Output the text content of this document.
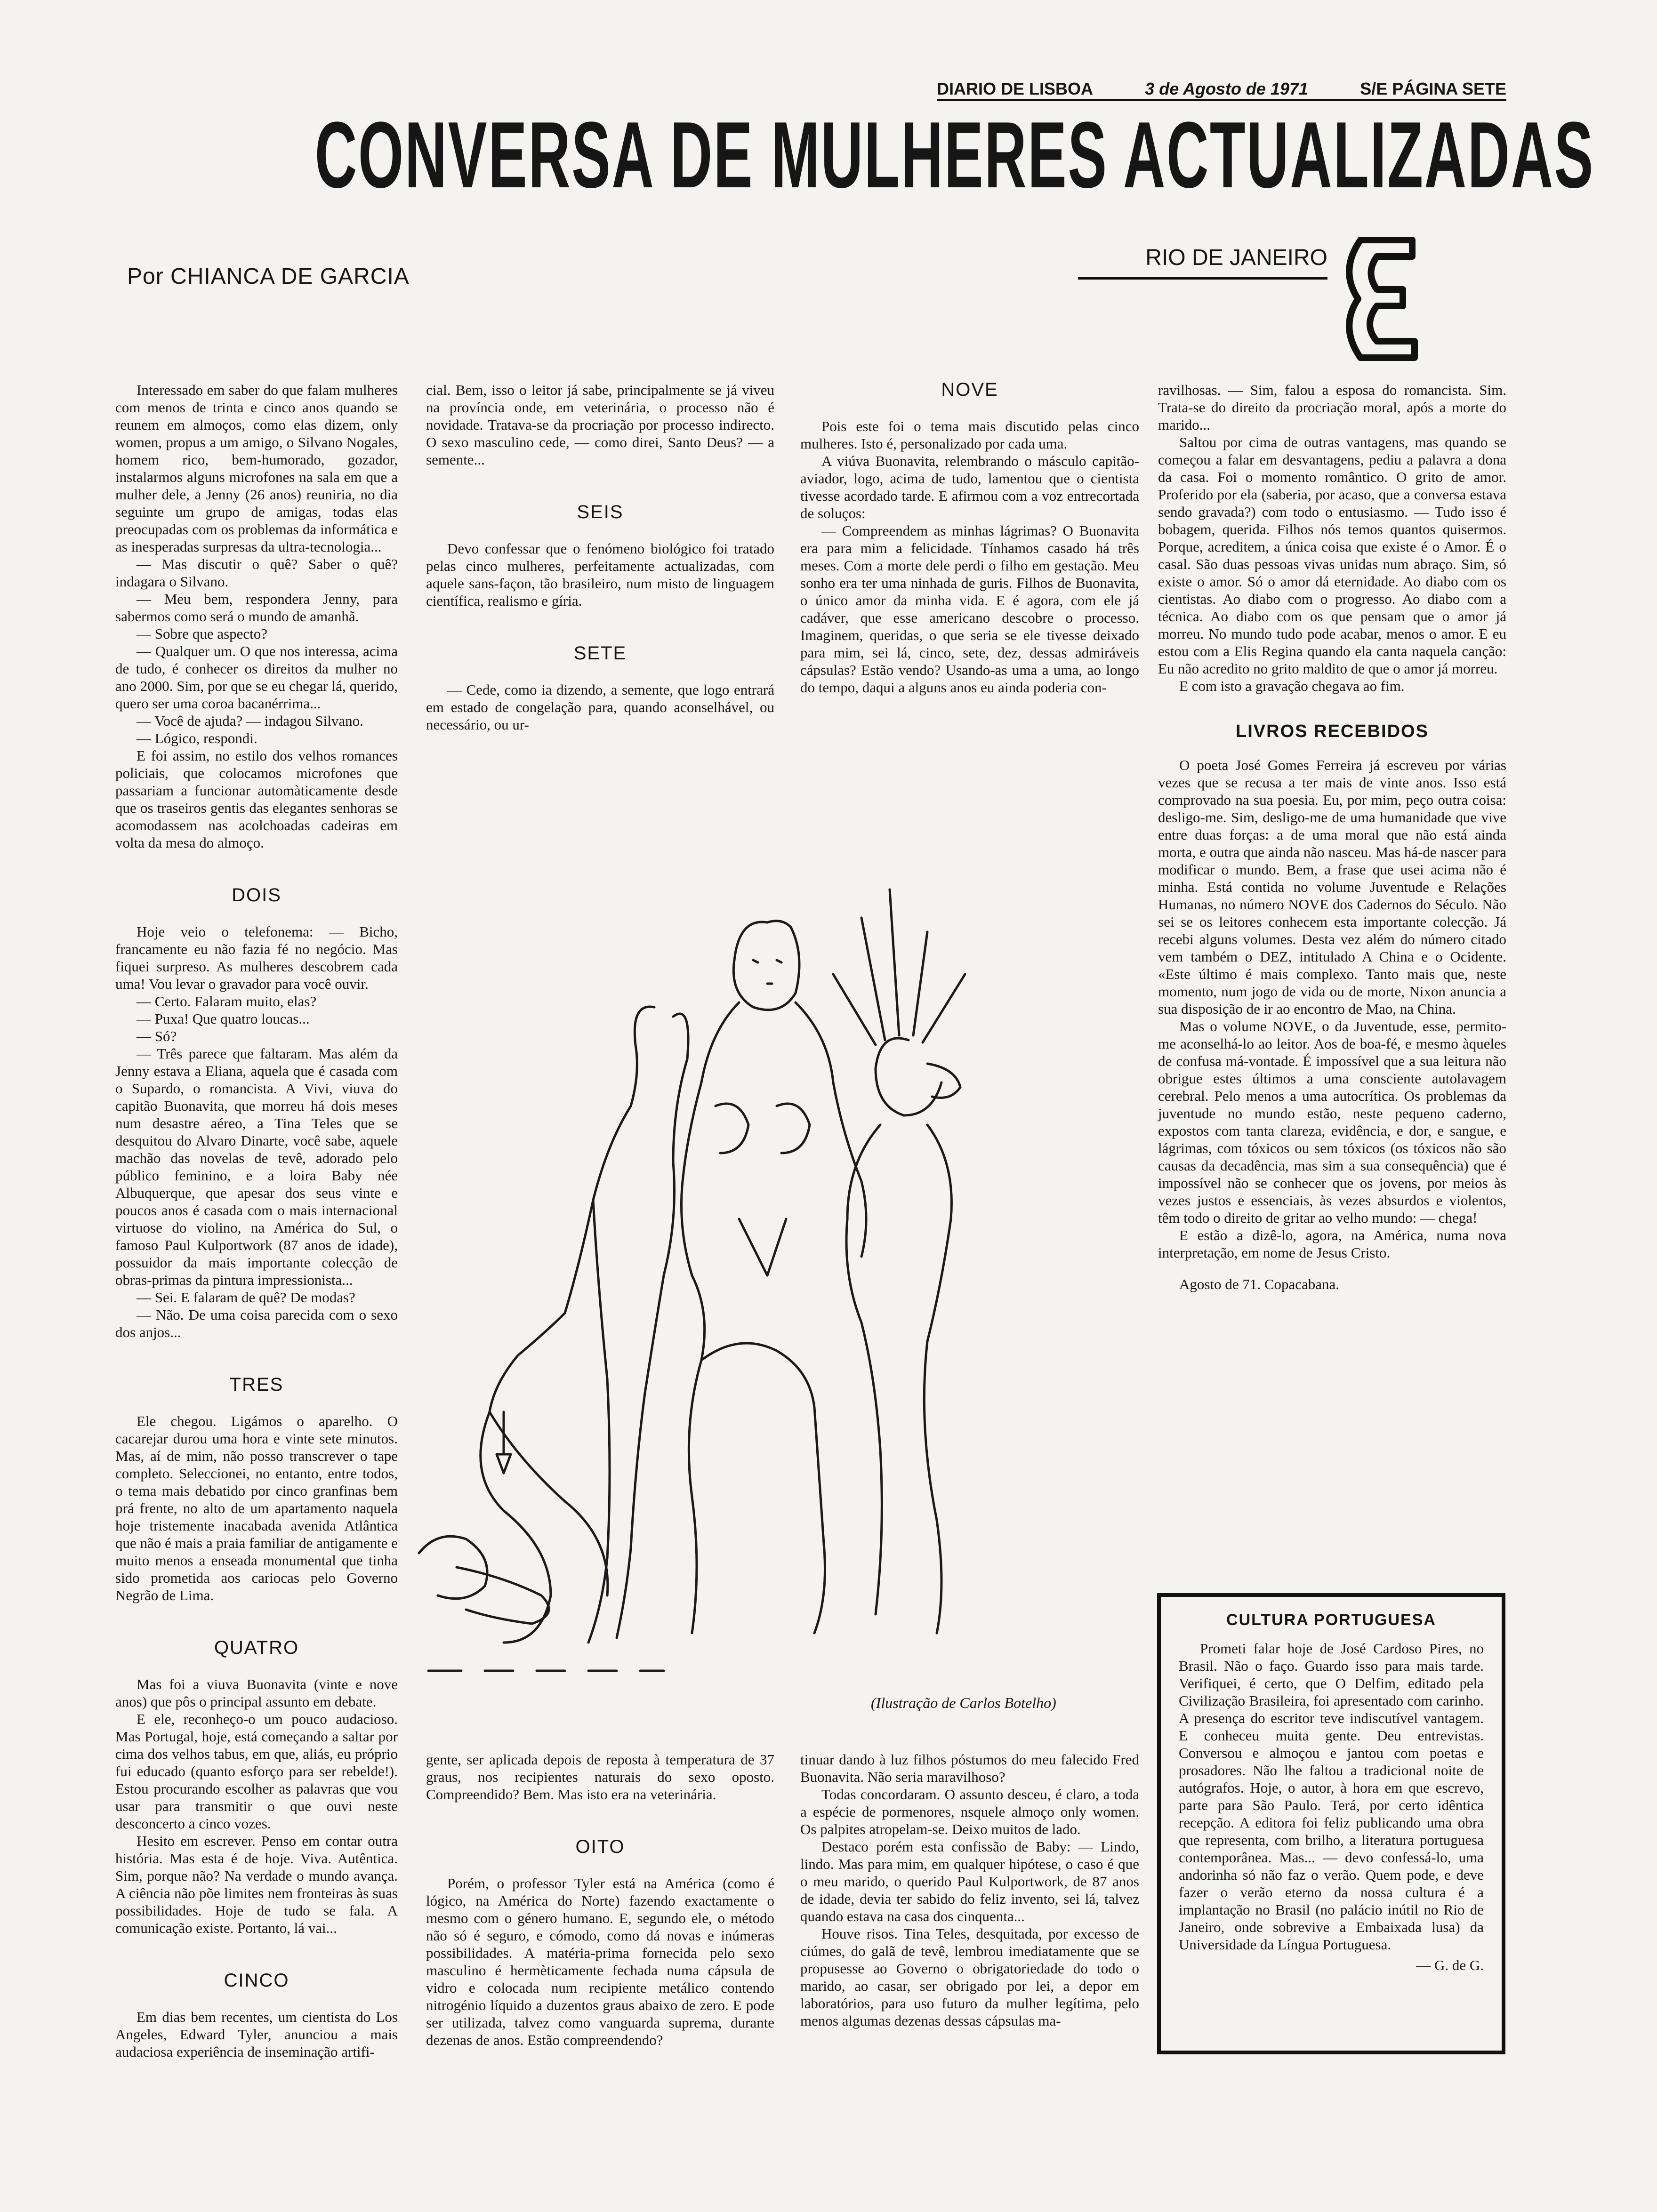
DIARIO DE LISBOA	3 de Agosto de 1971	S/E PÁGINA SETE
CONVERSA DE MULHERES ACTUALIZADAS
Por CHIANCA DE GARCIA
RIO DE JANEIRO

Interessado em saber do que falam mulheres com menos de trinta e cinco anos quando se reunem em almoços, como elas dizem, only women, propus a um amigo, o Silvano Nogales, homem rico, bem-humorado, gozador, instalarmos alguns microfones na sala em que a mulher dele, a Jenny (26 anos) reuniria, no dia seguinte um grupo de amigas, todas elas preocupadas com os problemas da informática e as inesperadas surpresas da ultra-tecnologia...

— Mas discutir o quê? Saber o quê? indagara o Silvano.

— Meu bem, respondera Jenny, para sabermos como será o mundo de amanhã.

— Sobre que aspecto?

— Qualquer um. O que nos interessa, acima de tudo, é conhecer os direitos da mulher no ano 2000. Sim, por que se eu chegar lá, querido, quero ser uma coroa bacanérrima...

— Você de ajuda? — indagou Silvano.

— Lógico, respondi.

E foi assim, no estilo dos velhos romances policiais, que colocamos microfones que passariam a funcionar automàticamente desde que os traseiros gentis das elegantes senhoras se acomodassem nas acolchoadas cadeiras em volta da mesa do almoço.

DOIS

Hoje veio o telefonema: — Bicho, francamente eu não fazia fé no negócio. Mas fiquei surpreso. As mulheres descobrem cada uma! Vou levar o gravador para você ouvir.

— Certo. Falaram muito, elas?

— Puxa! Que quatro loucas...

— Só?

— Três parece que faltaram. Mas além da Jenny estava a Eliana, aquela que é casada com o Supardo, o romancista. A Vivi, viuva do capitão Buonavita, que morreu há dois meses num desastre aéreo, a Tina Teles que se desquitou do Alvaro Dinarte, você sabe, aquele machão das novelas de tevê, adorado pelo público feminino, e a loira Baby née Albuquerque, que apesar dos seus vinte e poucos anos é casada com o mais internacional virtuose do violino, na América do Sul, o famoso Paul Kulportwork (87 anos de idade), possuidor da mais importante colecção de obras-primas da pintura impressionista...

— Sei. E falaram de quê? De modas?

— Não. De uma coisa parecida com o sexo dos anjos...

TRES

Ele chegou. Ligámos o aparelho. O cacarejar durou uma hora e vinte sete minutos. Mas, aí de mim, não posso transcrever o tape completo. Seleccionei, no entanto, entre todos, o tema mais debatido por cinco granfinas bem prá frente, no alto de um apartamento naquela hoje tristemente inacabada avenida Atlântica que não é mais a praia familiar de antigamente e muito menos a enseada monumental que tinha sido prometida aos cariocas pelo Governo Negrão de Lima.

QUATRO

Mas foi a viuva Buonavita (vinte e nove anos) que pôs o principal assunto em debate.

E ele, reconheço-o um pouco audacioso. Mas Portugal, hoje, está começando a saltar por cima dos velhos tabus, em que, aliás, eu próprio fui educado (quanto esforço para ser rebelde!). Estou procurando escolher as palavras que vou usar para transmitir o que ouvi neste desconcerto a cinco vozes.

Hesito em escrever. Penso em contar outra história. Mas esta é de hoje. Viva. Autêntica. Sim, porque não? Na verdade o mundo avança. A ciência não põe limites nem fronteiras às suas possibilidades. Hoje de tudo se fala. A comunicação existe. Portanto, lá vai...

CINCO

Em dias bem recentes, um cientista do Los Angeles, Edward Tyler, anunciou a mais audaciosa experiência de inseminação artifi-

cial. Bem, isso o leitor já sabe, principalmente se já viveu na província onde, em veterinária, o processo não é novidade. Tratava-se da procriação por processo indirecto. O sexo masculino cede, — como direi, Santo Deus? — a semente...

SEIS

Devo confessar que o fenómeno biológico foi tratado pelas cinco mulheres, perfeitamente actualizadas, com aquele sans-façon, tão brasileiro, num misto de linguagem científica, realismo e gíria.

SETE

— Cede, como ia dizendo, a semente, que logo entrará em estado de congelação para, quando aconselhável, ou necessário, ou ur-

NOVE

Pois este foi o tema mais discutido pelas cinco mulheres. Isto é, personalizado por cada uma.

A viúva Buonavita, relembrando o másculo capitão-aviador, logo, acima de tudo, lamentou que o cientista tivesse acordado tarde. E afirmou com a voz entrecortada de soluços:

— Compreendem as minhas lágrimas? O Buonavita era para mim a felicidade. Tínhamos casado há três meses. Com a morte dele perdi o filho em gestação. Meu sonho era ter uma ninhada de guris. Filhos de Buonavita, o único amor da minha vida. E é agora, com ele já cadáver, que esse americano descobre o processo. Imaginem, queridas, o que seria se ele tivesse deixado para mim, sei lá, cinco, sete, dez, dessas admiráveis cápsulas? Estão vendo? Usando-as uma a uma, ao longo do tempo, daqui a alguns anos eu ainda poderia con-

ravilhosas. — Sim, falou a esposa do romancista. Sim. Trata-se do direito da procriação moral, após a morte do marido...

Saltou por cima de outras vantagens, mas quando se começou a falar em desvantagens, pediu a palavra a dona da casa. Foi o momento romântico. O grito de amor. Proferido por ela (saberia, por acaso, que a conversa estava sendo gravada?) com todo o entusiasmo. — Tudo isso é bobagem, querida. Filhos nós temos quantos quisermos. Porque, acreditem, a única coisa que existe é o Amor. É o casal. São duas pessoas vivas unidas num abraço. Sim, só existe o amor. Só o amor dá eternidade. Ao diabo com os cientistas. Ao diabo com o progresso. Ao diabo com a técnica. Ao diabo com os que pensam que o amor já morreu. No mundo tudo pode acabar, menos o amor. E eu estou com a Elis Regina quando ela canta naquela canção: Eu não acredito no grito maldito de que o amor já morreu.

E com isto a gravação chegava ao fim.

LIVROS RECEBIDOS

O poeta José Gomes Ferreira já escreveu por várias vezes que se recusa a ter mais de vinte anos. Isso está comprovado na sua poesia. Eu, por mim, peço outra coisa: desligo-me. Sim, desligo-me de uma humanidade que vive entre duas forças: a de uma moral que não está ainda morta, e outra que ainda não nasceu. Mas há-de nascer para modificar o mundo. Bem, a frase que usei acima não é minha. Está contida no volume Juventude e Relações Humanas, no número NOVE dos Cadernos do Século. Não sei se os leitores conhecem esta importante colecção. Já recebi alguns volumes. Desta vez além do número citado vem também o DEZ, intitulado A China e o Ocidente. «Este último é mais complexo. Tanto mais que, neste momento, num jogo de vida ou de morte, Nixon anuncia a sua disposição de ir ao encontro de Mao, na China.

Mas o volume NOVE, o da Juventude, esse, permito-me aconselhá-lo ao leitor. Aos de boa-fé, e mesmo àqueles de confusa má-vontade. É impossível que a sua leitura não obrigue estes últimos a uma consciente autolavagem cerebral. Pelo menos a uma autocrítica. Os problemas da juventude no mundo estão, neste pequeno caderno, expostos com tanta clareza, evidência, e dor, e sangue, e lágrimas, com tóxicos ou sem tóxicos (os tóxicos não são causas da decadência, mas sim a sua consequência) que é impossível não se conhecer que os jovens, por meios às vezes justos e essenciais, às vezes absurdos e violentos, têm todo o direito de gritar ao velho mundo: — chega!

E estão a dizê-lo, agora, na América, numa nova interpretação, em nome de Jesus Cristo.

Agosto de 71. Copacabana.

(Ilustração de Carlos Botelho)

gente, ser aplicada depois de reposta à temperatura de 37 graus, nos recipientes naturais do sexo oposto. Compreendido? Bem. Mas isto era na veterinária.

OITO

Porém, o professor Tyler está na América (como é lógico, na América do Norte) fazendo exactamente o mesmo com o género humano. E, segundo ele, o método não só é seguro, e cómodo, como dá novas e inúmeras possibilidades. A matéria-prima fornecida pelo sexo masculino é hermèticamente fechada numa cápsula de vidro e colocada num recipiente metálico contendo nitrogénio líquido a duzentos graus abaixo de zero. E pode ser utilizada, talvez como vanguarda suprema, durante dezenas de anos. Estão compreendendo?

tinuar dando à luz filhos póstumos do meu falecido Fred Buonavita. Não seria maravilhoso?

Todas concordaram. O assunto desceu, é claro, a toda a espécie de pormenores, nsquele almoço only women. Os palpites atropelam-se. Deixo muitos de lado.

Destaco porém esta confissão de Baby: — Lindo, lindo. Mas para mim, em qualquer hipótese, o caso é que o meu marido, o querido Paul Kulportwork, de 87 anos de idade, devia ter sabido do feliz invento, sei lá, talvez quando estava na casa dos cinquenta...

Houve risos. Tina Teles, desquitada, por excesso de ciúmes, do galã de tevê, lembrou imediatamente que se propusesse ao Governo o obrigatoriedade do todo o marido, ao casar, ser obrigado por lei, a depor em laboratórios, para uso futuro da mulher legítima, pelo menos algumas dezenas dessas cápsulas ma-

CULTURA PORTUGUESA

Prometi falar hoje de José Cardoso Pires, no Brasil. Não o faço. Guardo isso para mais tarde. Verifiquei, é certo, que O Delfim, editado pela Civilização Brasileira, foi apresentado com carinho. A presença do escritor teve indiscutível vantagem. E conheceu muita gente. Deu entrevistas. Conversou e almoçou e jantou com poetas e prosadores. Não lhe faltou a tradicional noite de autógrafos. Hoje, o autor, à hora em que escrevo, parte para São Paulo. Terá, por certo idêntica recepção. A editora foi feliz publicando uma obra que representa, com brilho, a literatura portuguesa contemporânea. Mas... — devo confessá-lo, uma andorinha só não faz o verão. Quem pode, e deve fazer o verão eterno da nossa cultura é a implantação no Brasil (no palácio inútil no Rio de Janeiro, onde sobrevive a Embaixada lusa) da Universidade da Língua Portuguesa.

— G. de G.
